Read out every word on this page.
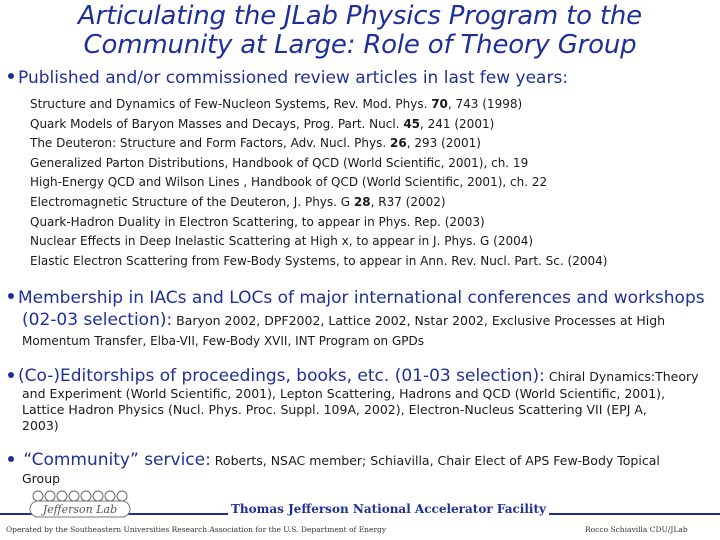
Articulating the JLab Physics Program to the
Community at Large: Role of Theory Group
Published and/or commissioned review articles in last few years:
Structure and Dynamics of Few-Nucleon Systems, Rev. Mod. Phys. 70, 743 (1998)
Quark Models of Baryon Masses and Decays, Prog. Part. Nucl. 45, 241 (2001)
The Deuteron: Structure and Form Factors, Adv. Nucl. Phys. 26, 293 (2001)
Generalized Parton Distributions, Handbook of QCD (World Scientific, 2001), ch. 19
High-Energy QCD and Wilson Lines , Handbook of QCD (World Scientific, 2001), ch. 22
Electromagnetic Structure of the Deuteron, J. Phys. G 28, R37 (2002)
Quark-Hadron Duality in Electron Scattering, to appear in Phys. Rep. (2003)
Nuclear Effects in Deep Inelastic Scattering at High x, to appear in J. Phys. G (2004)
Elastic Electron Scattering from Few-Body Systems, to appear in Ann. Rev. Nucl. Part. Sc. (2004)
Membership in IACs and LOCs of major international conferences and workshops
(02-03 selection): Baryon 2002, DPF2002, Lattice 2002, Nstar 2002, Exclusive Processes at High
Momentum Transfer, Elba-VII, Few-Body XVII, INT Program on GPDs
(Co-)Editorships of proceedings, books, etc. (01-03 selection): Chiral Dynamics:Theory
and Experiment (World Scientific, 2001), Lepton Scattering, Hadrons and QCD (World Scientific, 2001),
Lattice Hadron Physics (Nucl. Phys. Proc. Suppl. 109A, 2002), Electron-Nucleus Scattering VII (EPJ A,
2003)
“Community” service: Roberts, NSAC member; Schiavilla, Chair Elect of APS Few-Body Topical
Group
Jefferson Lab	Thomas Jefferson National Accelerator Facility
Operated by the Southeastern Universities Research Association for the U.S. Department of Energy	Rocco Schiavilla CDU/JLab
